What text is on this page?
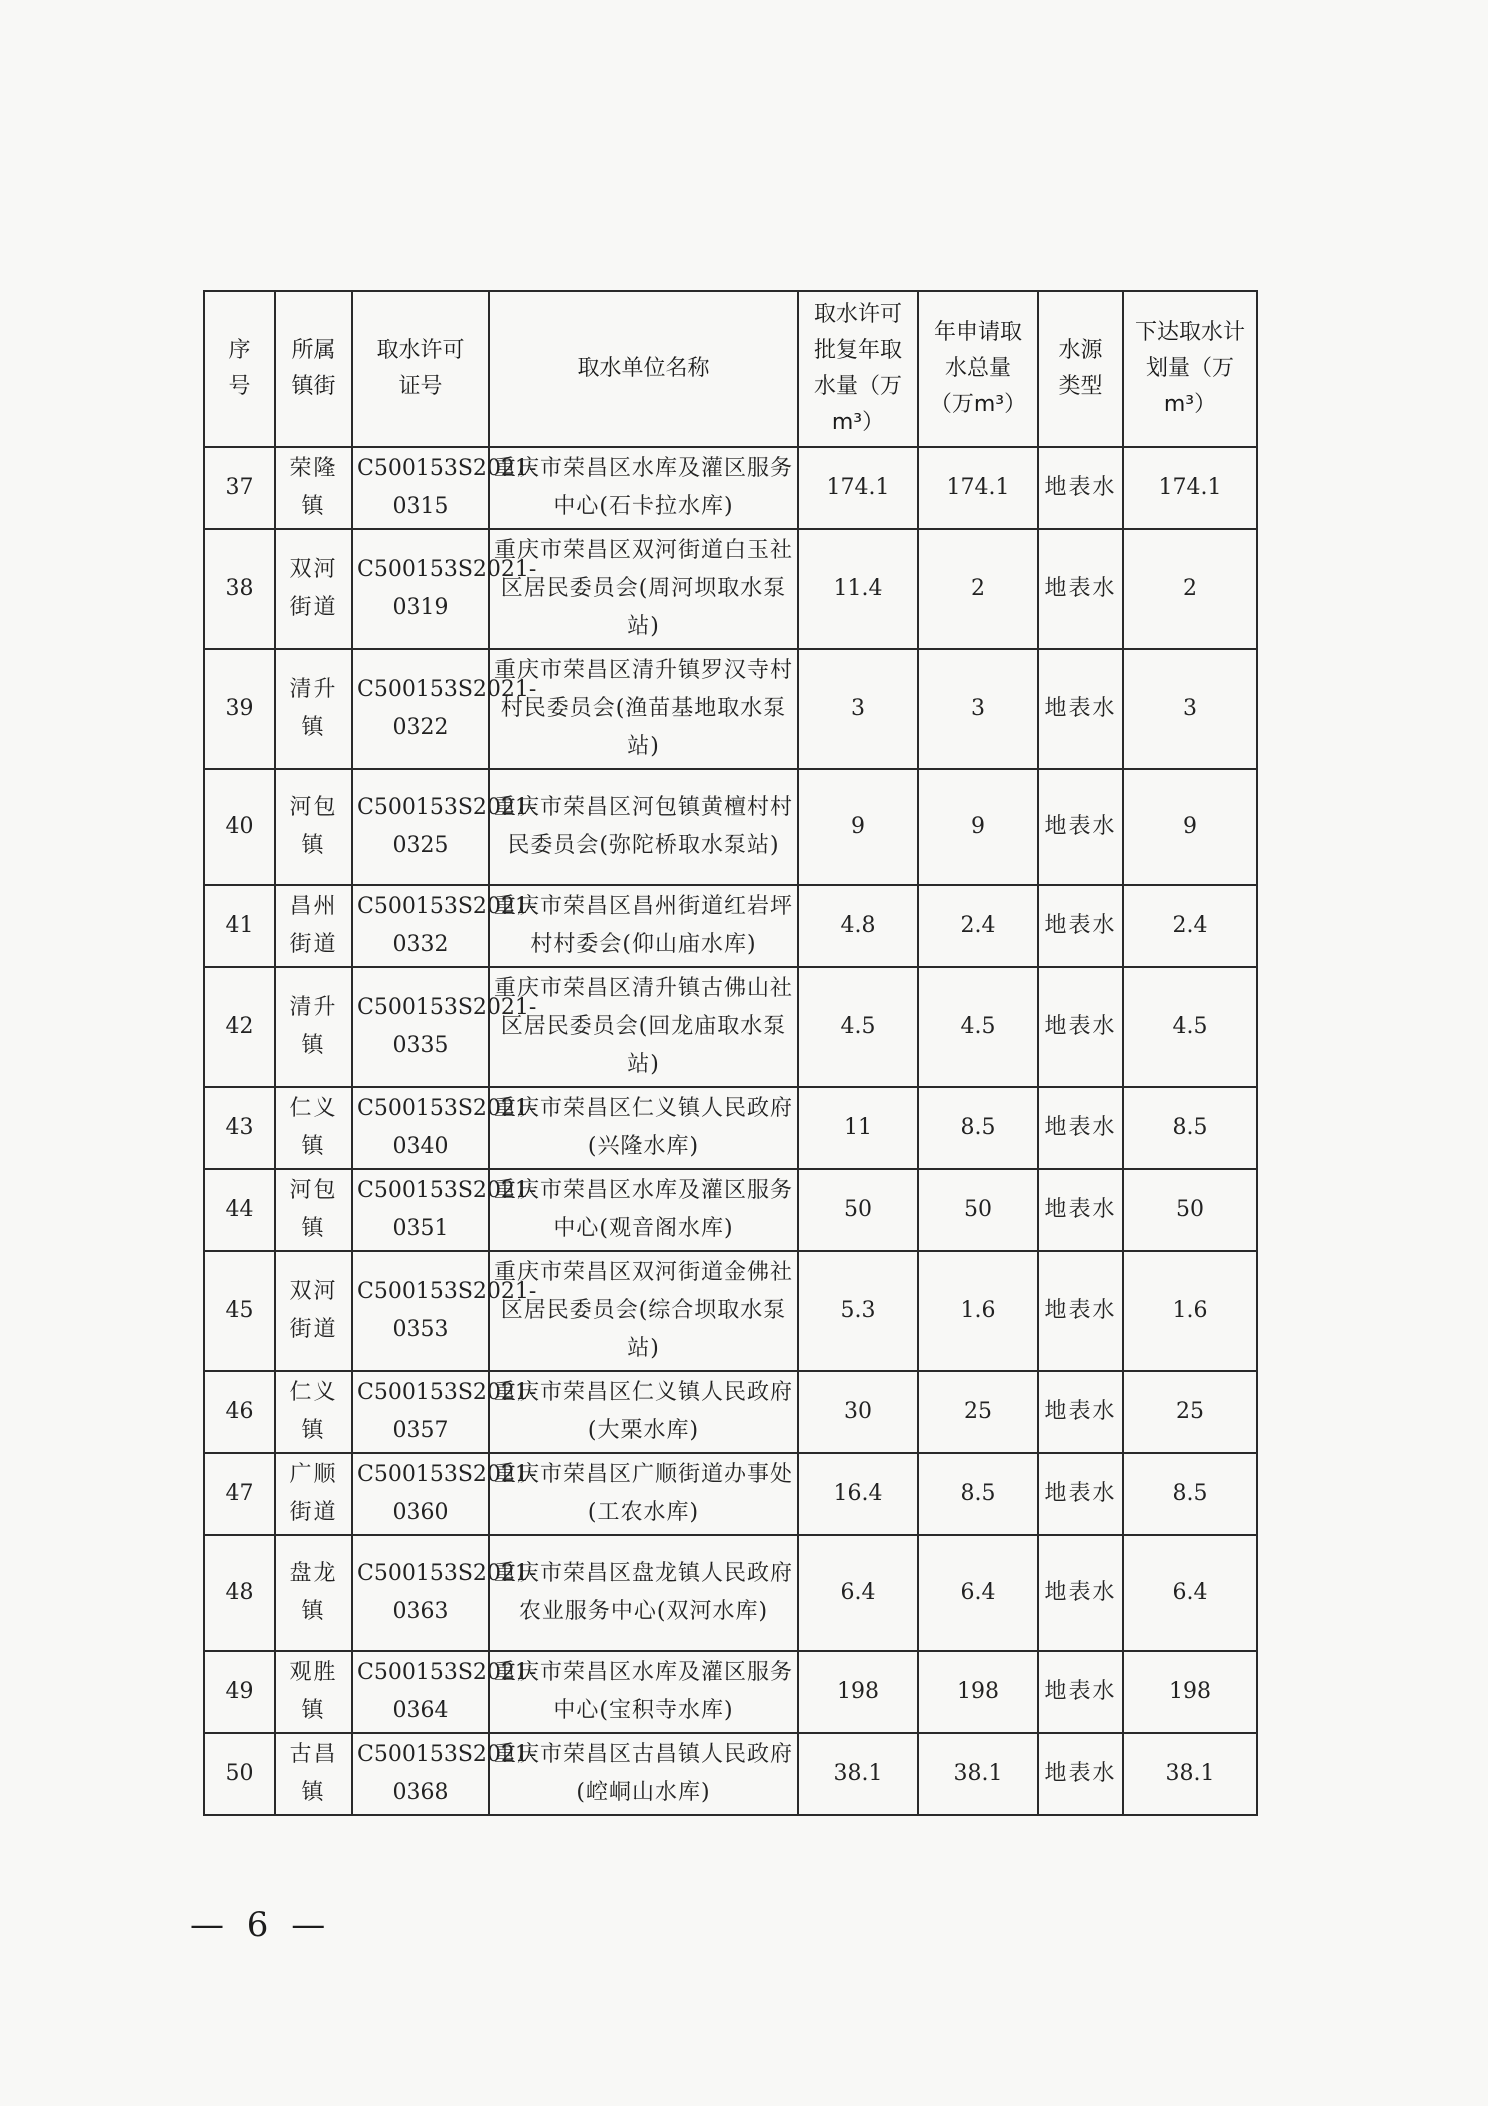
序号	所属镇街	取水许可证号	取水单位名称	取水许可批复年取水量（万m³）	年申请取水总量（万m³）	水源类型	下达取水计划量（万m³）
37	荣隆镇	C500153S2021-0315	重庆市荣昌区水库及灌区服务中心(石卡拉水库)	174.1	174.1	地表水	174.1
38	双河街道	C500153S2021-0319	重庆市荣昌区双河街道白玉社区居民委员会(周河坝取水泵站)	11.4	2	地表水	2
39	清升镇	C500153S2021-0322	重庆市荣昌区清升镇罗汉寺村村民委员会(渔苗基地取水泵站)	3	3	地表水	3
40	河包镇	C500153S2021-0325	重庆市荣昌区河包镇黄檀村村民委员会(弥陀桥取水泵站)	9	9	地表水	9
41	昌州街道	C500153S2021-0332	重庆市荣昌区昌州街道红岩坪村村委会(仰山庙水库)	4.8	2.4	地表水	2.4
42	清升镇	C500153S2021-0335	重庆市荣昌区清升镇古佛山社区居民委员会(回龙庙取水泵站)	4.5	4.5	地表水	4.5
43	仁义镇	C500153S2021-0340	重庆市荣昌区仁义镇人民政府(兴隆水库)	11	8.5	地表水	8.5
44	河包镇	C500153S2021-0351	重庆市荣昌区水库及灌区服务中心(观音阁水库)	50	50	地表水	50
45	双河街道	C500153S2021-0353	重庆市荣昌区双河街道金佛社区居民委员会(综合坝取水泵站)	5.3	1.6	地表水	1.6
46	仁义镇	C500153S2021-0357	重庆市荣昌区仁义镇人民政府(大栗水库)	30	25	地表水	25
47	广顺街道	C500153S2021-0360	重庆市荣昌区广顺街道办事处(工农水库)	16.4	8.5	地表水	8.5
48	盘龙镇	C500153S2021-0363	重庆市荣昌区盘龙镇人民政府农业服务中心(双河水库)	6.4	6.4	地表水	6.4
49	观胜镇	C500153S2021-0364	重庆市荣昌区水库及灌区服务中心(宝积寺水库)	198	198	地表水	198
50	古昌镇	C500153S2021-0368	重庆市荣昌区古昌镇人民政府(崆峒山水库)	38.1	38.1	地表水	38.1
— 6 —
